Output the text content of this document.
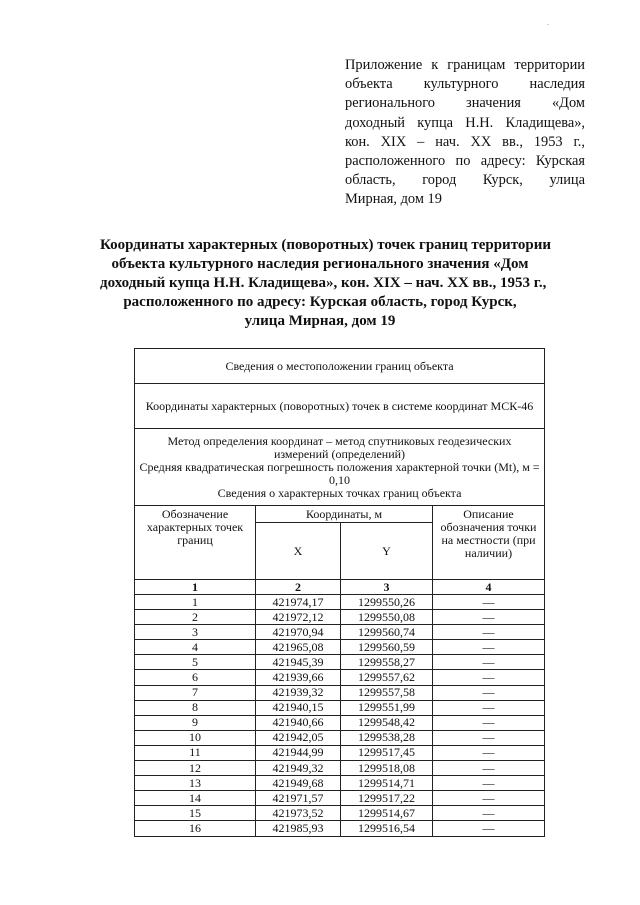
.
Приложение к границам территории
объекта культурного наследия
регионального значения «Дом
доходный купца Н.Н. Кладищева»,
кон. XIX – нач. XX вв., 1953 г.,
расположенного по адресу: Курская
область, город Курск, улица
Мирная, дом 19
Координаты характерных (поворотных) точек границ территории
объекта культурного наследия регионального значения «Дом
доходный купца Н.Н. Кладищева», кон. XIX – нач. XX вв., 1953 г.,
расположенного по адресу: Курская область, город Курск,
улица Мирная, дом 19
Сведения о местоположении границ объекта			
Координаты характерных (поворотных) точек в системе координат МСК-46			

Метод определения координат – метод спутниковых геодезических измерений (определений)
Средняя квадратическая погрешность положения характерной точки (Mt), м = 0,10
Сведения о характерных точках границ объекта			

Обозначение характерных точек границ	Координаты, м		Описание обозначения точки на местности (при наличии)

	X	Y	
1	2	3	4
1	421974,17	1299550,26	—
2	421972,12	1299550,08	—
3	421970,94	1299560,74	—
4	421965,08	1299560,59	—
5	421945,39	1299558,27	—
6	421939,66	1299557,62	—
7	421939,32	1299557,58	—
8	421940,15	1299551,99	—
9	421940,66	1299548,42	—
10	421942,05	1299538,28	—
11	421944,99	1299517,45	—
12	421949,32	1299518,08	—
13	421949,68	1299514,71	—
14	421971,57	1299517,22	—
15	421973,52	1299514,67	—
16	421985,93	1299516,54	—
